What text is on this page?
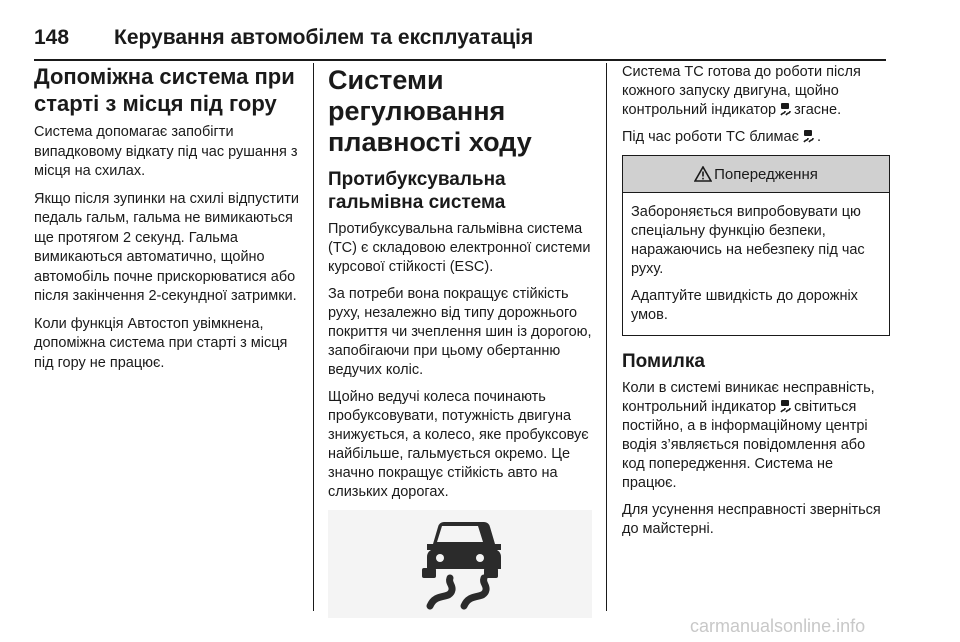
148	Керування автомобілем та експлуатація
Допоміжна система при старті з місця під гору

Система допомагає запобігти випадковому відкату під час рушання з місця на схилах.

Якщо після зупинки на схилі відпустити педаль гальм, гальма не вимикаються ще протягом 2 секунд. Гальма вимикаються автоматично, щойно автомобіль почне прискорюватися або після закінчення 2-секундної затримки.

Коли функція Автостоп увімкнена, допоміжна система при старті з місця під гору не працює.

Системи регулювання плавності ходу
Протибуксувальна гальмівна система

Протибуксувальна гальмівна система (TC) є складовою електронної системи курсової стійкості (ESC).

За потреби вона покращує стійкість руху, незалежно від типу дорожнього покриття чи зчеплення шин із дорогою, запобігаючи при цьому обертанню ведучих коліс.

Щойно ведучі колеса починають пробуксовувати, потужність двигуна знижується, а колесо, яке пробуксовує найбільше, гальмується окремо. Це значно покращує стійкість авто на слизьких дорогах.

Система TC готова до роботи після кожного запуску двигуна, щойно контрольний індикатор згасне.

Під час роботи TC блимає .

Попередження

Забороняється випробовувати цю спеціальну функцію безпеки, наражаючись на небезпеку під час руху.

Адаптуйте швидкість до дорожніх умов.

Помилка

Коли в системі виникає несправність, контрольний індикатор світиться постійно, а в інформаційному центрі водія з’являється повідомлення або код попередження. Система не працює.

Для усунення несправності зверніться до майстерні.

carmanualsonline.info
